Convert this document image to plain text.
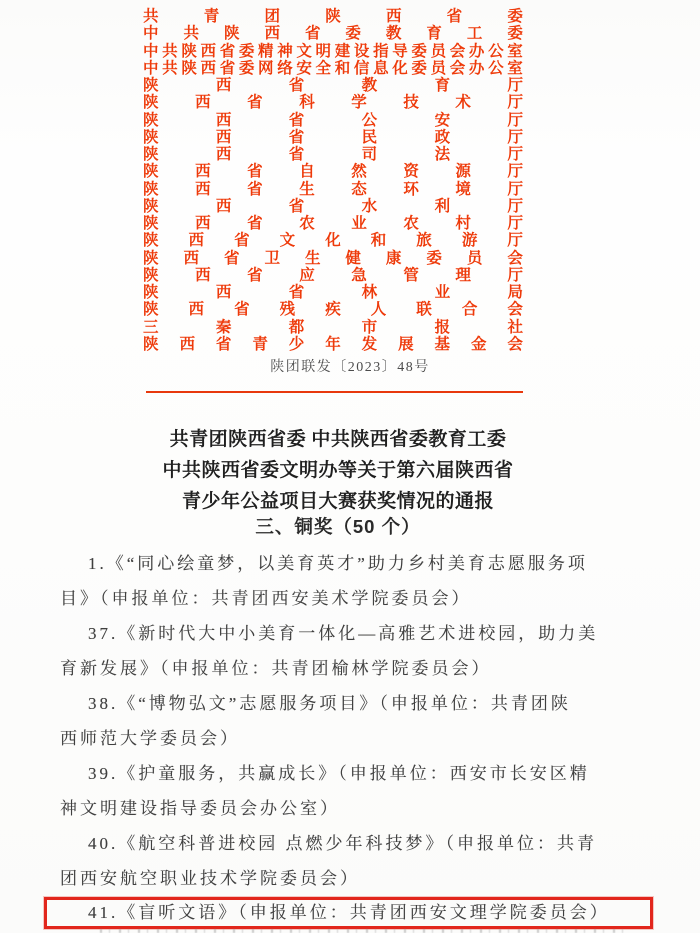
共	青	团	陕	西	省	委
中 共 陕 西 省 委 教 育 工 委
中 共 陕 西 省 委 精 神 文 明 建 设 指 导 委 员 会 办 公 室
中 共 陕 西 省 委 网 络 安 全 和 信 息 化 委 员 会 办 公 室
陕	西	省	教	育	厅
陕 西 省 科 学 技 术 厅
陕	西	省	公	安	厅
陕	西	省	民	政	厅
陕	西	省	司	法	厅
陕 西 省 自 然 资 源 厅
陕 西 省 生 态 环 境 厅
陕	西	省	水	利	厅
陕 西 省 农 业 农 村 厅
陕 西 省 文 化 和 旅 游 厅
陕 西 省 卫 生 健 康 委 员 会
陕 西 省 应 急 管 理 厅
陕	西	省	林	业	局
陕 西 省 残 疾 人 联 合 会
三	秦	都	市	报	社
陕 西 省 青 少 年 发 展 基 金 会
陕团联发〔2023〕48号
共青团陕西省委 中共陕西省委教育工委
中共陕西省委文明办等关于第六届陕西省
青少年公益项目大赛获奖情况的通报
三、铜奖（50 个）
1.《“同心绘童梦，以美育英才”助力乡村美育志愿服务项
目》（申报单位：共青团西安美术学院委员会）
37.《新时代大中小美育一体化—高雅艺术进校园，助力美
育新发展》（申报单位：共青团榆林学院委员会）
38.《“博物弘文”志愿服务项目》（申报单位：共青团陕
西师范大学委员会）
39.《护童服务，共赢成长》（申报单位：西安市长安区精
神文明建设指导委员会办公室）
40.《航空科普进校园 点燃少年科技梦》（申报单位：共青
团西安航空职业技术学院委员会）
41.《盲听文语》（申报单位：共青团西安文理学院委员会）
